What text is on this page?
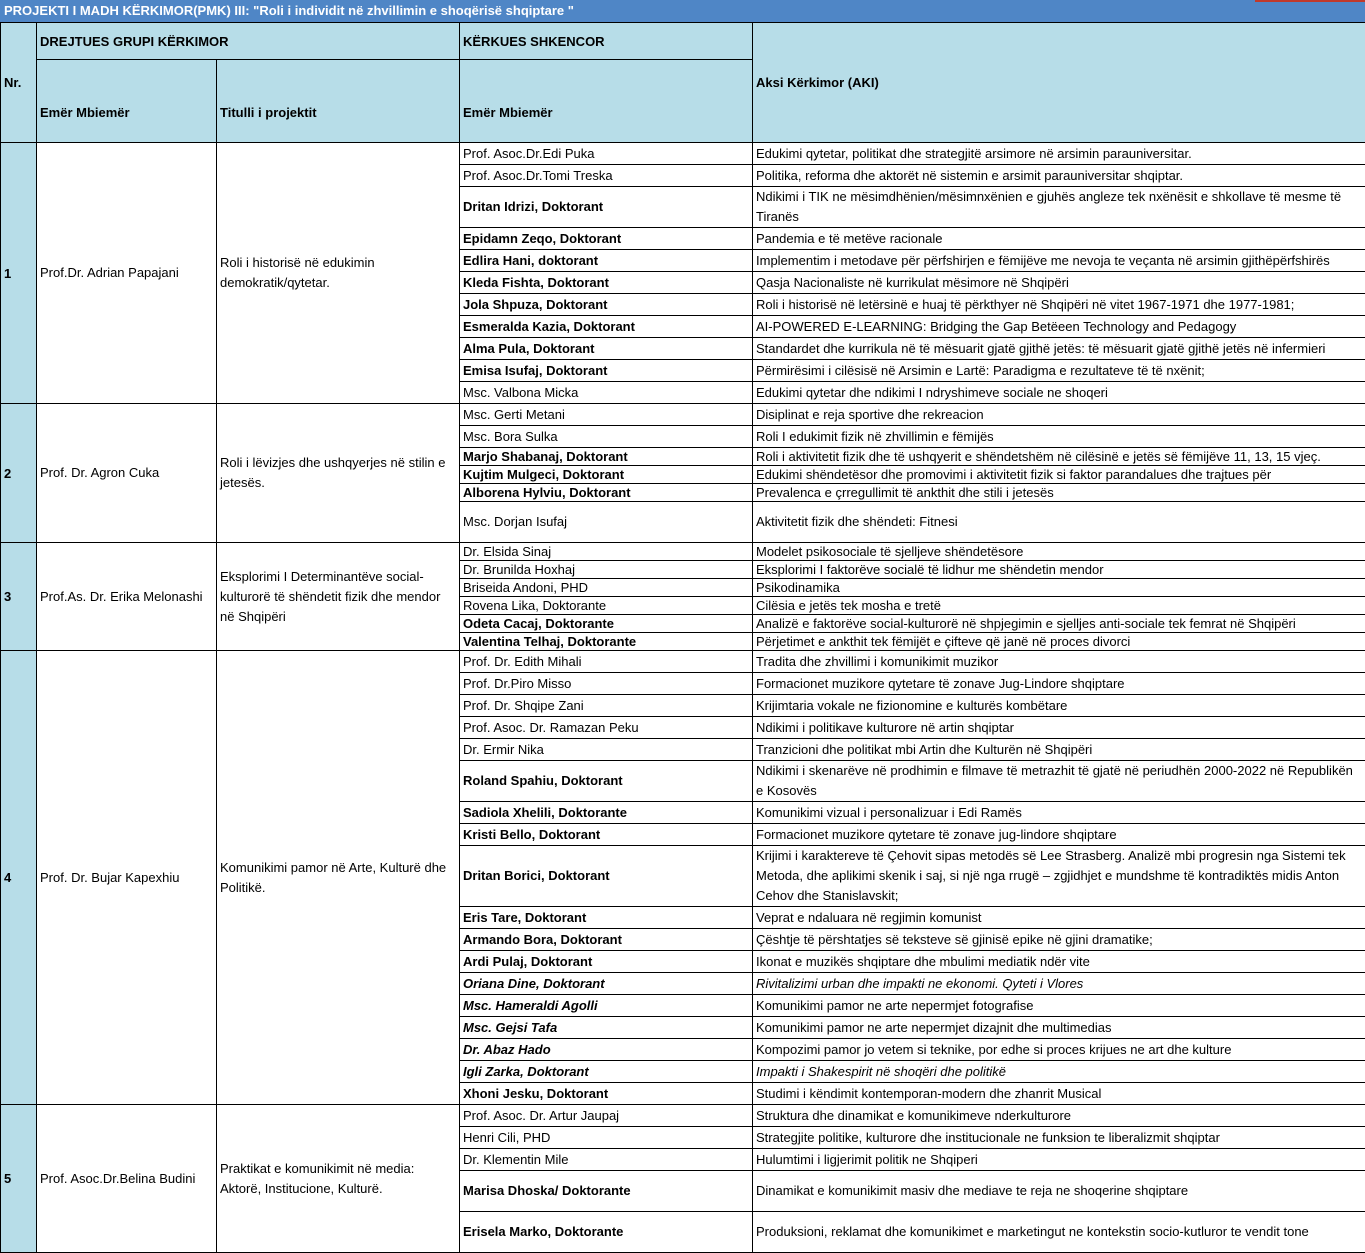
PROJEKTI I MADH KËRKIMOR(PMK) III: "Roli i individit në zhvillimin e shoqërisë shqiptare "
Nr.	DREJTUES GRUPI KËRKIMOR		KËRKUES SHKENCOR	Aksi Kërkimor (AKI)
	Emër Mbiemër	Titulli i projektit	Emër Mbiemër	
1	Prof.Dr. Adrian Papajani	Roli i historisë në edukimin demokratik/qytetar.	Prof. Asoc.Dr.Edi Puka	Edukimi qytetar, politikat dhe strategjitë arsimore në arsimin parauniversitar.
			Prof. Asoc.Dr.Tomi Treska	Politika, reforma dhe aktorët në sistemin e arsimit parauniversitar shqiptar.
			Dritan Idrizi, Doktorant	Ndikimi i TIK ne mësimdhënien/mësimnxënien e gjuhës angleze tek nxënësit e shkollave të mesme të Tiranës
			Epidamn Zeqo, Doktorant	Pandemia e të metëve racionale
			Edlira Hani, doktorant	Implementim i metodave për përfshirjen e fëmijëve me nevoja te veçanta në arsimin gjithëpërfshirës
			Kleda Fishta, Doktorant	Qasja Nacionaliste në kurrikulat mësimore në Shqipëri
			Jola Shpuza, Doktorant	Roli i historisë në letërsinë e huaj të përkthyer në Shqipëri në vitet 1967-1971 dhe 1977-1981;
			Esmeralda Kazia, Doktorant	AI-POWERED E-LEARNING: Bridging the Gap Betëeen Technology and Pedagogy
			Alma Pula, Doktorant	Standardet dhe kurrikula në të mësuarit gjatë gjithë jetës: të mësuarit gjatë gjithë jetës në infermieri
			Emisa Isufaj, Doktorant	Përmirësimi i cilësisë në Arsimin e Lartë: Paradigma e rezultateve të të nxënit;
			Msc. Valbona Micka	Edukimi qytetar dhe ndikimi I ndryshimeve sociale ne shoqeri
2	Prof. Dr. Agron Cuka	Roli i lëvizjes dhe ushqyerjes në stilin e jetesës.	Msc. Gerti Metani	Disiplinat e reja sportive dhe rekreacion
			Msc. Bora Sulka	Roli I edukimit fizik në zhvillimin e fëmijës
			Marjo Shabanaj, Doktorant	Roli i aktivitetit fizik dhe të ushqyerit e shëndetshëm në cilësinë e jetës së fëmijëve 11, 13, 15 vjeç.
			Kujtim Mulgeci, Doktorant	Edukimi shëndetësor dhe promovimi i aktivitetit fizik si faktor parandalues dhe trajtues për
			Alborena Hylviu, Doktorant	Prevalenca e çrregullimit të ankthit dhe stili i jetesës
			Msc. Dorjan Isufaj	Aktivitetit fizik dhe shëndeti: Fitnesi
3	Prof.As. Dr. Erika Melonashi	Eksplorimi I Determinantëve social-kulturorë të shëndetit fizik dhe mendor në Shqipëri	Dr. Elsida Sinaj	Modelet psikosociale të sjelljeve shëndetësore
			Dr. Brunilda Hoxhaj	Eksplorimi I faktorëve socialë të lidhur me shëndetin mendor
			Briseida Andoni, PHD	Psikodinamika
			Rovena Lika, Doktorante	Cilësia e jetës tek mosha e tretë
			Odeta Cacaj, Doktorante	Analizë e faktorëve social-kulturorë në shpjegimin e sjelljes anti-sociale tek femrat në Shqipëri
			Valentina Telhaj, Doktorante	Përjetimet e ankthit tek fëmijët e çifteve që janë në proces divorci
4	Prof. Dr. Bujar Kapexhiu	Komunikimi pamor në Arte, Kulturë dhe Politikë.	Prof. Dr. Edith Mihali	Tradita dhe zhvillimi i komunikimit muzikor
			Prof. Dr.Piro Misso	Formacionet muzikore qytetare të zonave Jug-Lindore shqiptare
			Prof. Dr. Shqipe Zani	Krijimtaria vokale ne fizionomine e kulturës kombëtare
			Prof. Asoc. Dr. Ramazan Peku	Ndikimi i politikave kulturore në artin shqiptar
			Dr. Ermir Nika	Tranzicioni dhe politikat mbi Artin dhe Kulturën në Shqipëri
			Roland Spahiu, Doktorant	Ndikimi i skenarëve në prodhimin e filmave të metrazhit të gjatë në periudhën 2000-2022 në Republikën e Kosovës
			Sadiola Xhelili, Doktorante	Komunikimi vizual i personalizuar i Edi Ramës
			Kristi Bello, Doktorant	Formacionet muzikore qytetare të zonave jug-lindore shqiptare
			Dritan Borici, Doktorant	Krijimi i karakterevе të Çehovit sipas metodës së Lee Strasberg. Analizë mbi progresin nga Sistemi tek Metoda, dhe aplikimi skenik i saj, si një nga rrugë – zgjidhjet e mundshme të kontradiktës midis Anton Cehov dhe Stanislavskit;
			Eris Tare, Doktorant	Veprat e ndaluara në regjimin komunist
			Armando Bora, Doktorant	Çështje të përshtatjes së teksteve së gjinisë epike në gjini dramatike;
			Ardi Pulaj, Doktorant	Ikonat e muzikës shqiptare dhe mbulimi mediatik ndër vite
			Oriana Dine, Doktorant	Rivitalizimi urban dhe impakti ne ekonomi. Qyteti i Vlores
			Msc. Hameraldi Agolli	Komunikimi pamor ne arte nepermjet fotografise
			Msc. Gejsi Tafa	Komunikimi pamor ne arte nepermjet dizajnit dhe multimedias
			Dr. Abaz Hado	Kompozimi pamor jo vetem si teknike, por edhe si proces krijues ne art dhe kulture
			Igli Zarka, Doktorant	Impakti i Shakespirit në shoqëri dhe politikë
			Xhoni Jesku, Doktorant	Studimi i këndimit kontemporan-modern dhe zhanrit Musical
5	Prof. Asoc.Dr.Belina Budini	Praktikat e komunikimit në media: Aktorë, Institucione, Kulturë.	Prof. Asoc. Dr. Artur Jaupaj	Struktura dhe dinamikat e komunikimeve nderkulturore
			Henri Cili, PHD	Strategjite politike, kulturore dhe institucionale ne funksion te liberalizmit shqiptar
			Dr. Klementin Mile	Hulumtimi i ligjerimit politik ne Shqiperi
			Marisa Dhoska/ Doktorante	Dinamikat e komunikimit masiv dhe mediave te reja ne shoqerine shqiptare
			Erisela Marko, Doktorante	Produksioni, reklamat dhe komunikimet e marketingut ne kontekstin socio-kutluror te vendit tone
